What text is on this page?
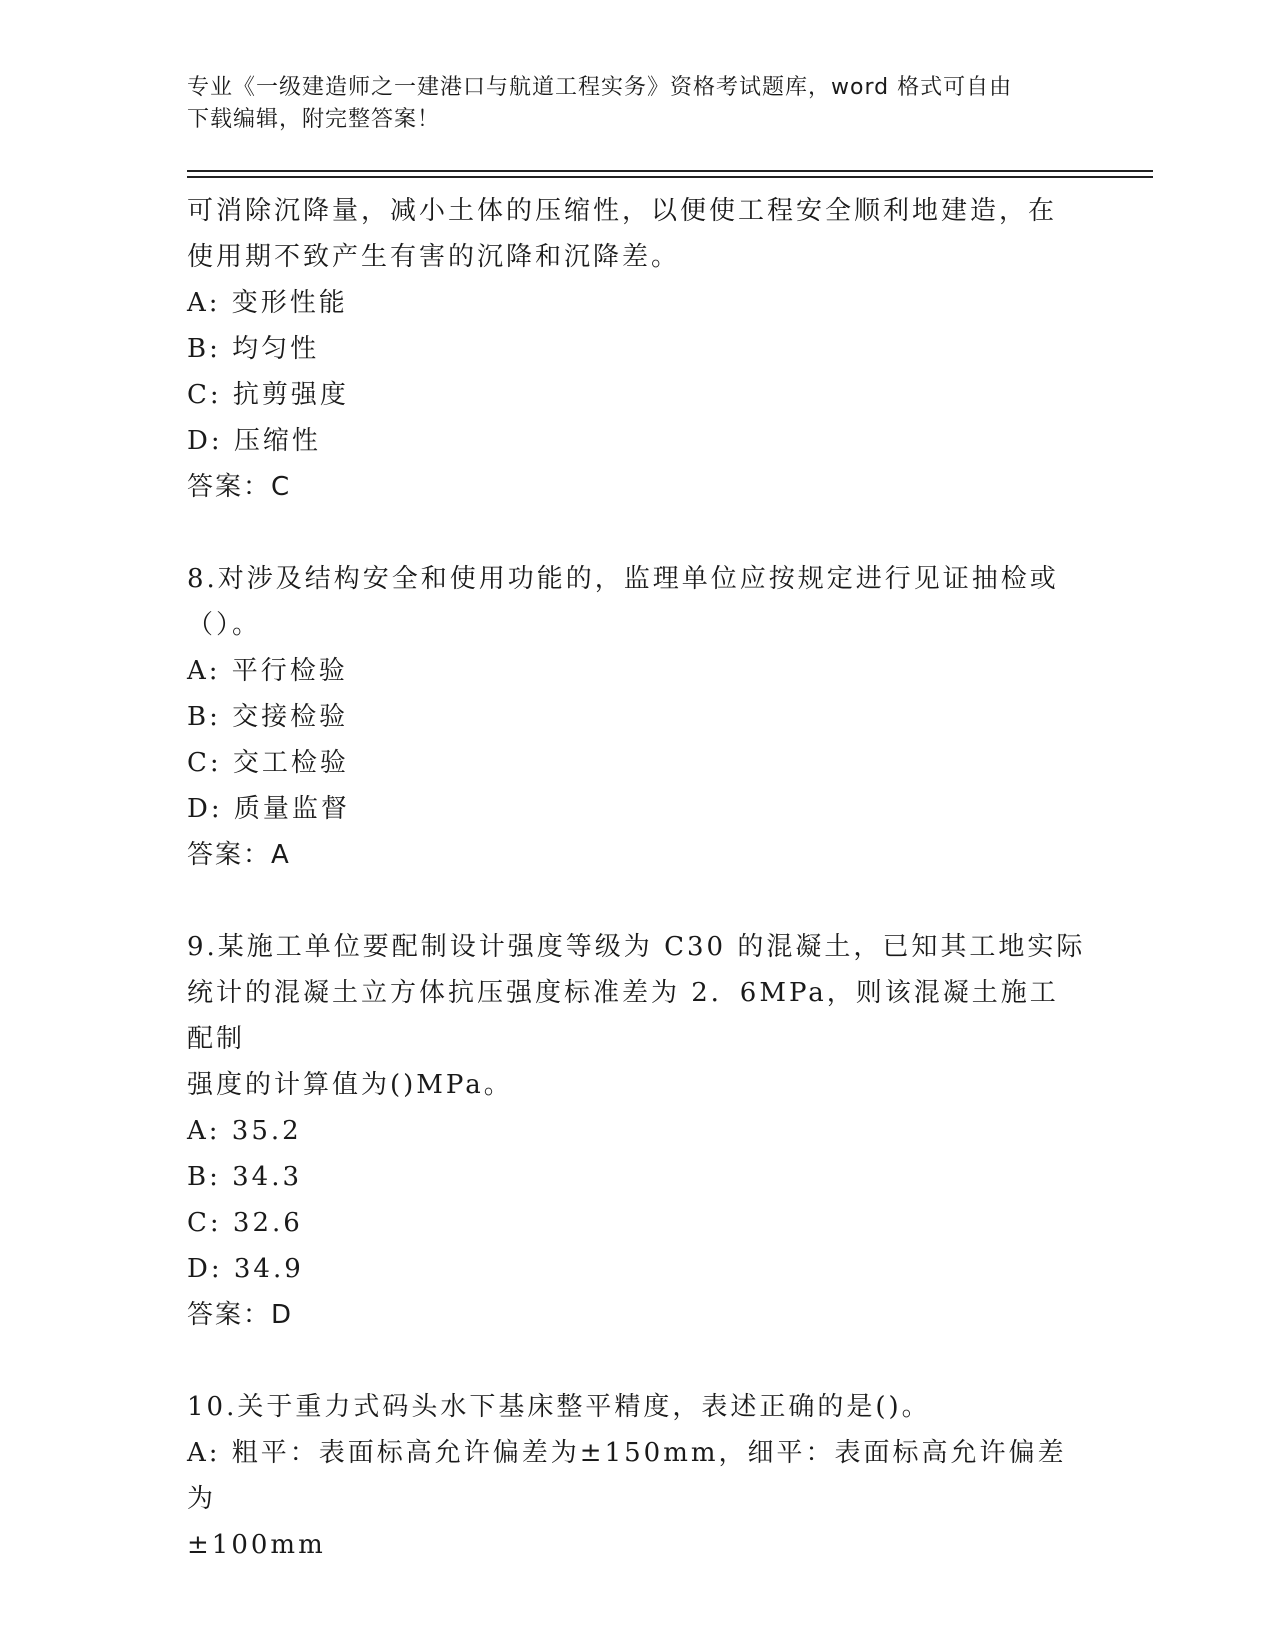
专业《一级建造师之一建港口与航道工程实务》资格考试题库，word 格式可自由
下载编辑，附完整答案！

可消除沉降量，减小土体的压缩性，以便使工程安全顺利地建造，在

使用期不致产生有害的沉降和沉降差。

A: 变形性能

B: 均匀性

C: 抗剪强度

D: 压缩性

答案：C

8.对涉及结构安全和使用功能的，监理单位应按规定进行见证抽检或

（）。

A: 平行检验

B: 交接检验

C: 交工检验

D: 质量监督

答案：A

9.某施工单位要配制设计强度等级为 C30 的混凝土，已知其工地实际

统计的混凝土立方体抗压强度标准差为 2．6MPa，则该混凝土施工配制

强度的计算值为()MPa。

A: 35.2

B: 34.3

C: 32.6

D: 34.9

答案：D

10.关于重力式码头水下基床整平精度，表述正确的是()。

A: 粗平：表面标高允许偏差为±150mm，细平：表面标高允许偏差为

±100mm
